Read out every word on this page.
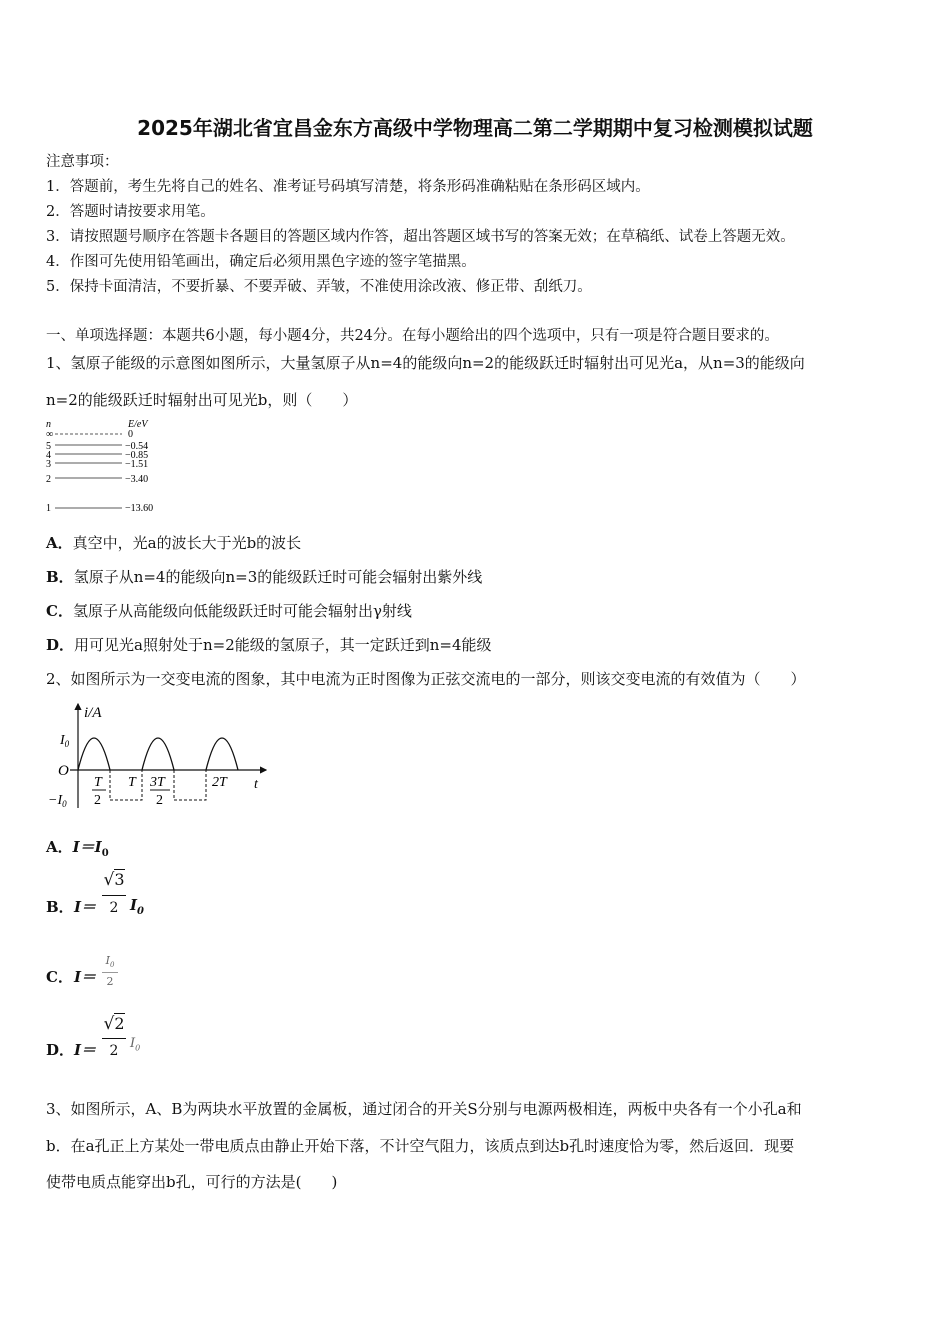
2025年湖北省宜昌金东方高级中学物理高二第二学期期中复习检测模拟试题
注意事项：
1．答题前，考生先将自己的姓名、准考证号码填写清楚，将条形码准确粘贴在条形码区域内。
2．答题时请按要求用笔。
3．请按照题号顺序在答题卡各题目的答题区域内作答，超出答题区域书写的答案无效；在草稿纸、试卷上答题无效。
4．作图可先使用铅笔画出，确定后必须用黑色字迹的签字笔描黑。
5．保持卡面清洁，不要折暴、不要弄破、弄皱，不准使用涂改液、修正带、刮纸刀。
一、单项选择题：本题共6小题，每小题4分，共24分。在每小题给出的四个选项中，只有一项是符合题目要求的。
1、氢原子能级的示意图如图所示，大量氢原子从n=4的能级向n=2的能级跃迁时辐射出可见光a，从n=3的能级向
n=2的能级跃迁时辐射出可见光b，则（　　）
n	E/eV
∞	0
5	−0.54
4	−0.85
3	−1.51
2	−3.40
1	−13.60
A．真空中，光a的波长大于光b的波长
B．氢原子从n=4的能级向n=3的能级跃迁时可能会辐射出紫外线
C．氢原子从高能级向低能级跃迁时可能会辐射出γ射线
D．用可见光a照射处于n=2能级的氢原子，其一定跃迁到n=4能级
2、如图所示为一交变电流的图象，其中电流为正时图像为正弦交流电的一部分，则该交变电流的有效值为（　　）
i/A
t
O
$I_0$
$-I_0$
T
2
T 3T
2
2T
A．$I=I_0$
B． I＝
√3
2 $I_0$
C． I＝
$I_0$
2
D． I＝
√2
2 $I_0$
3、如图所示，A、B为两块水平放置的金属板，通过闭合的开关S分别与电源两极相连，两板中央各有一个小孔a和
b．在a孔正上方某处一带电质点由静止开始下落，不计空气阻力，该质点到达b孔时速度恰为零，然后返回．现要
使带电质点能穿出b孔，可行的方法是(　　)
